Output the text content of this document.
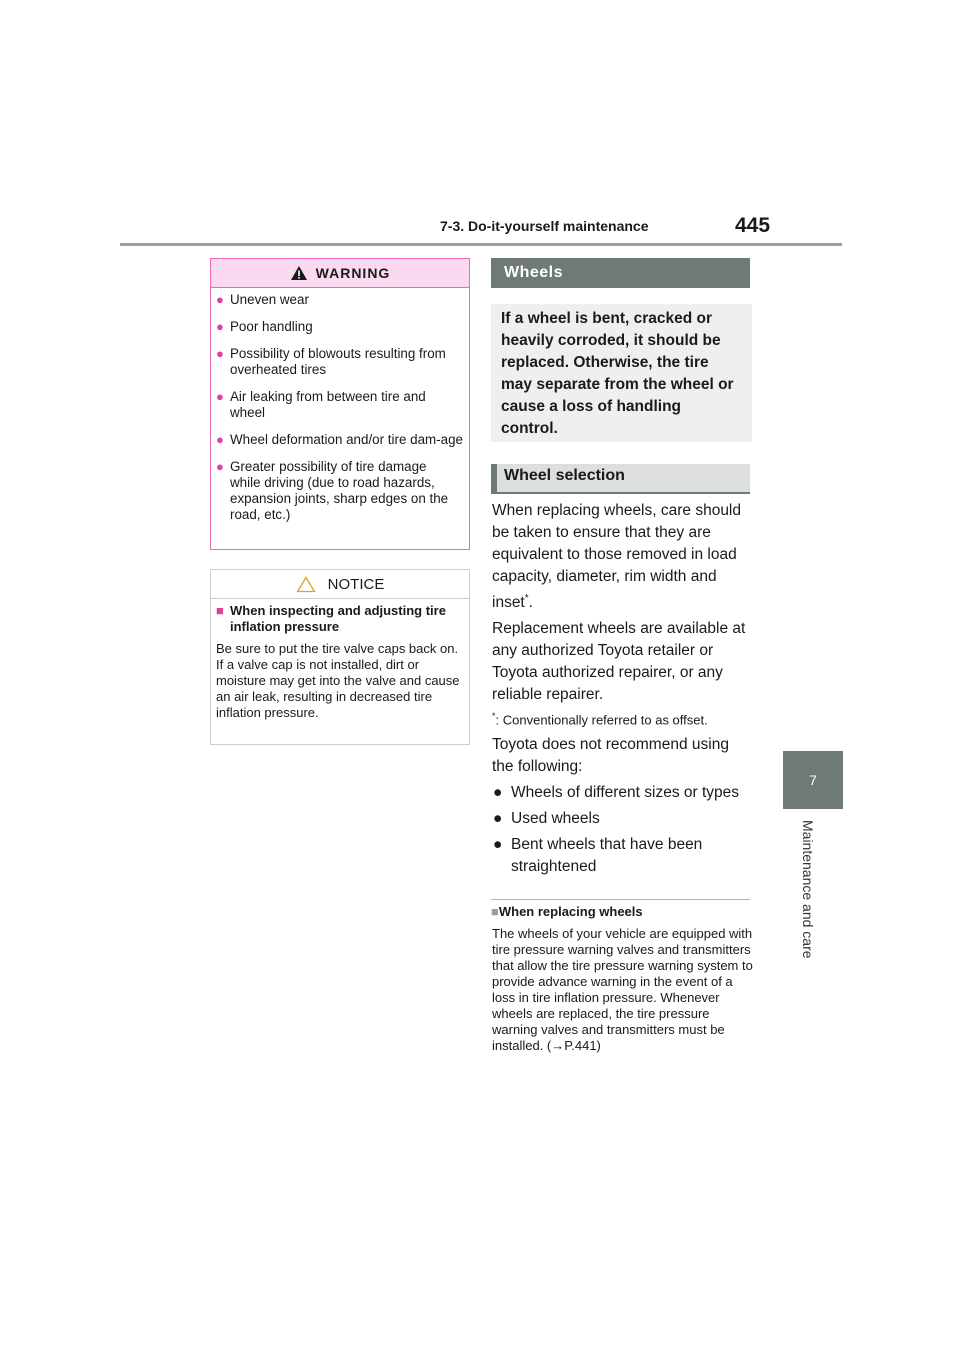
7-3. Do-it-yourself maintenance	445
7
Maintenance and care
WARNING
● Uneven wear
● Poor handling
● Possibility of blowouts resulting from overheated tires
● Air leaking from between tire and wheel
● Wheel deformation and/or tire dam-age
● Greater possibility of tire damage while driving (due to road hazards, expansion joints, sharp edges on the road, etc.)
NOTICE
■ When inspecting and adjusting tire inflation pressure
Be sure to put the tire valve caps back on.
If a valve cap is not installed, dirt or moisture may get into the valve and cause an air leak, resulting in decreased tire inflation pressure.
Wheels
If a wheel is bent, cracked or heavily corroded, it should be replaced. Otherwise, the tire may separate from the wheel or cause a loss of handling control.
Wheel selection
When replacing wheels, care should be taken to ensure that they are equivalent to those removed in load capacity, diameter, rim width and inset*.
Replacement wheels are available at any authorized Toyota retailer or Toyota authorized repairer, or any reliable repairer.
*: Conventionally referred to as offset.
Toyota does not recommend using the following:
● Wheels of different sizes or types
● Used wheels
● Bent wheels that have been straightened
■When replacing wheels
The wheels of your vehicle are equipped with tire pressure warning valves and transmitters that allow the tire pressure warning system to provide advance warning in the event of a loss in tire inflation pressure. Whenever wheels are replaced, the tire pressure warning valves and transmitters must be installed. (→P.441)
